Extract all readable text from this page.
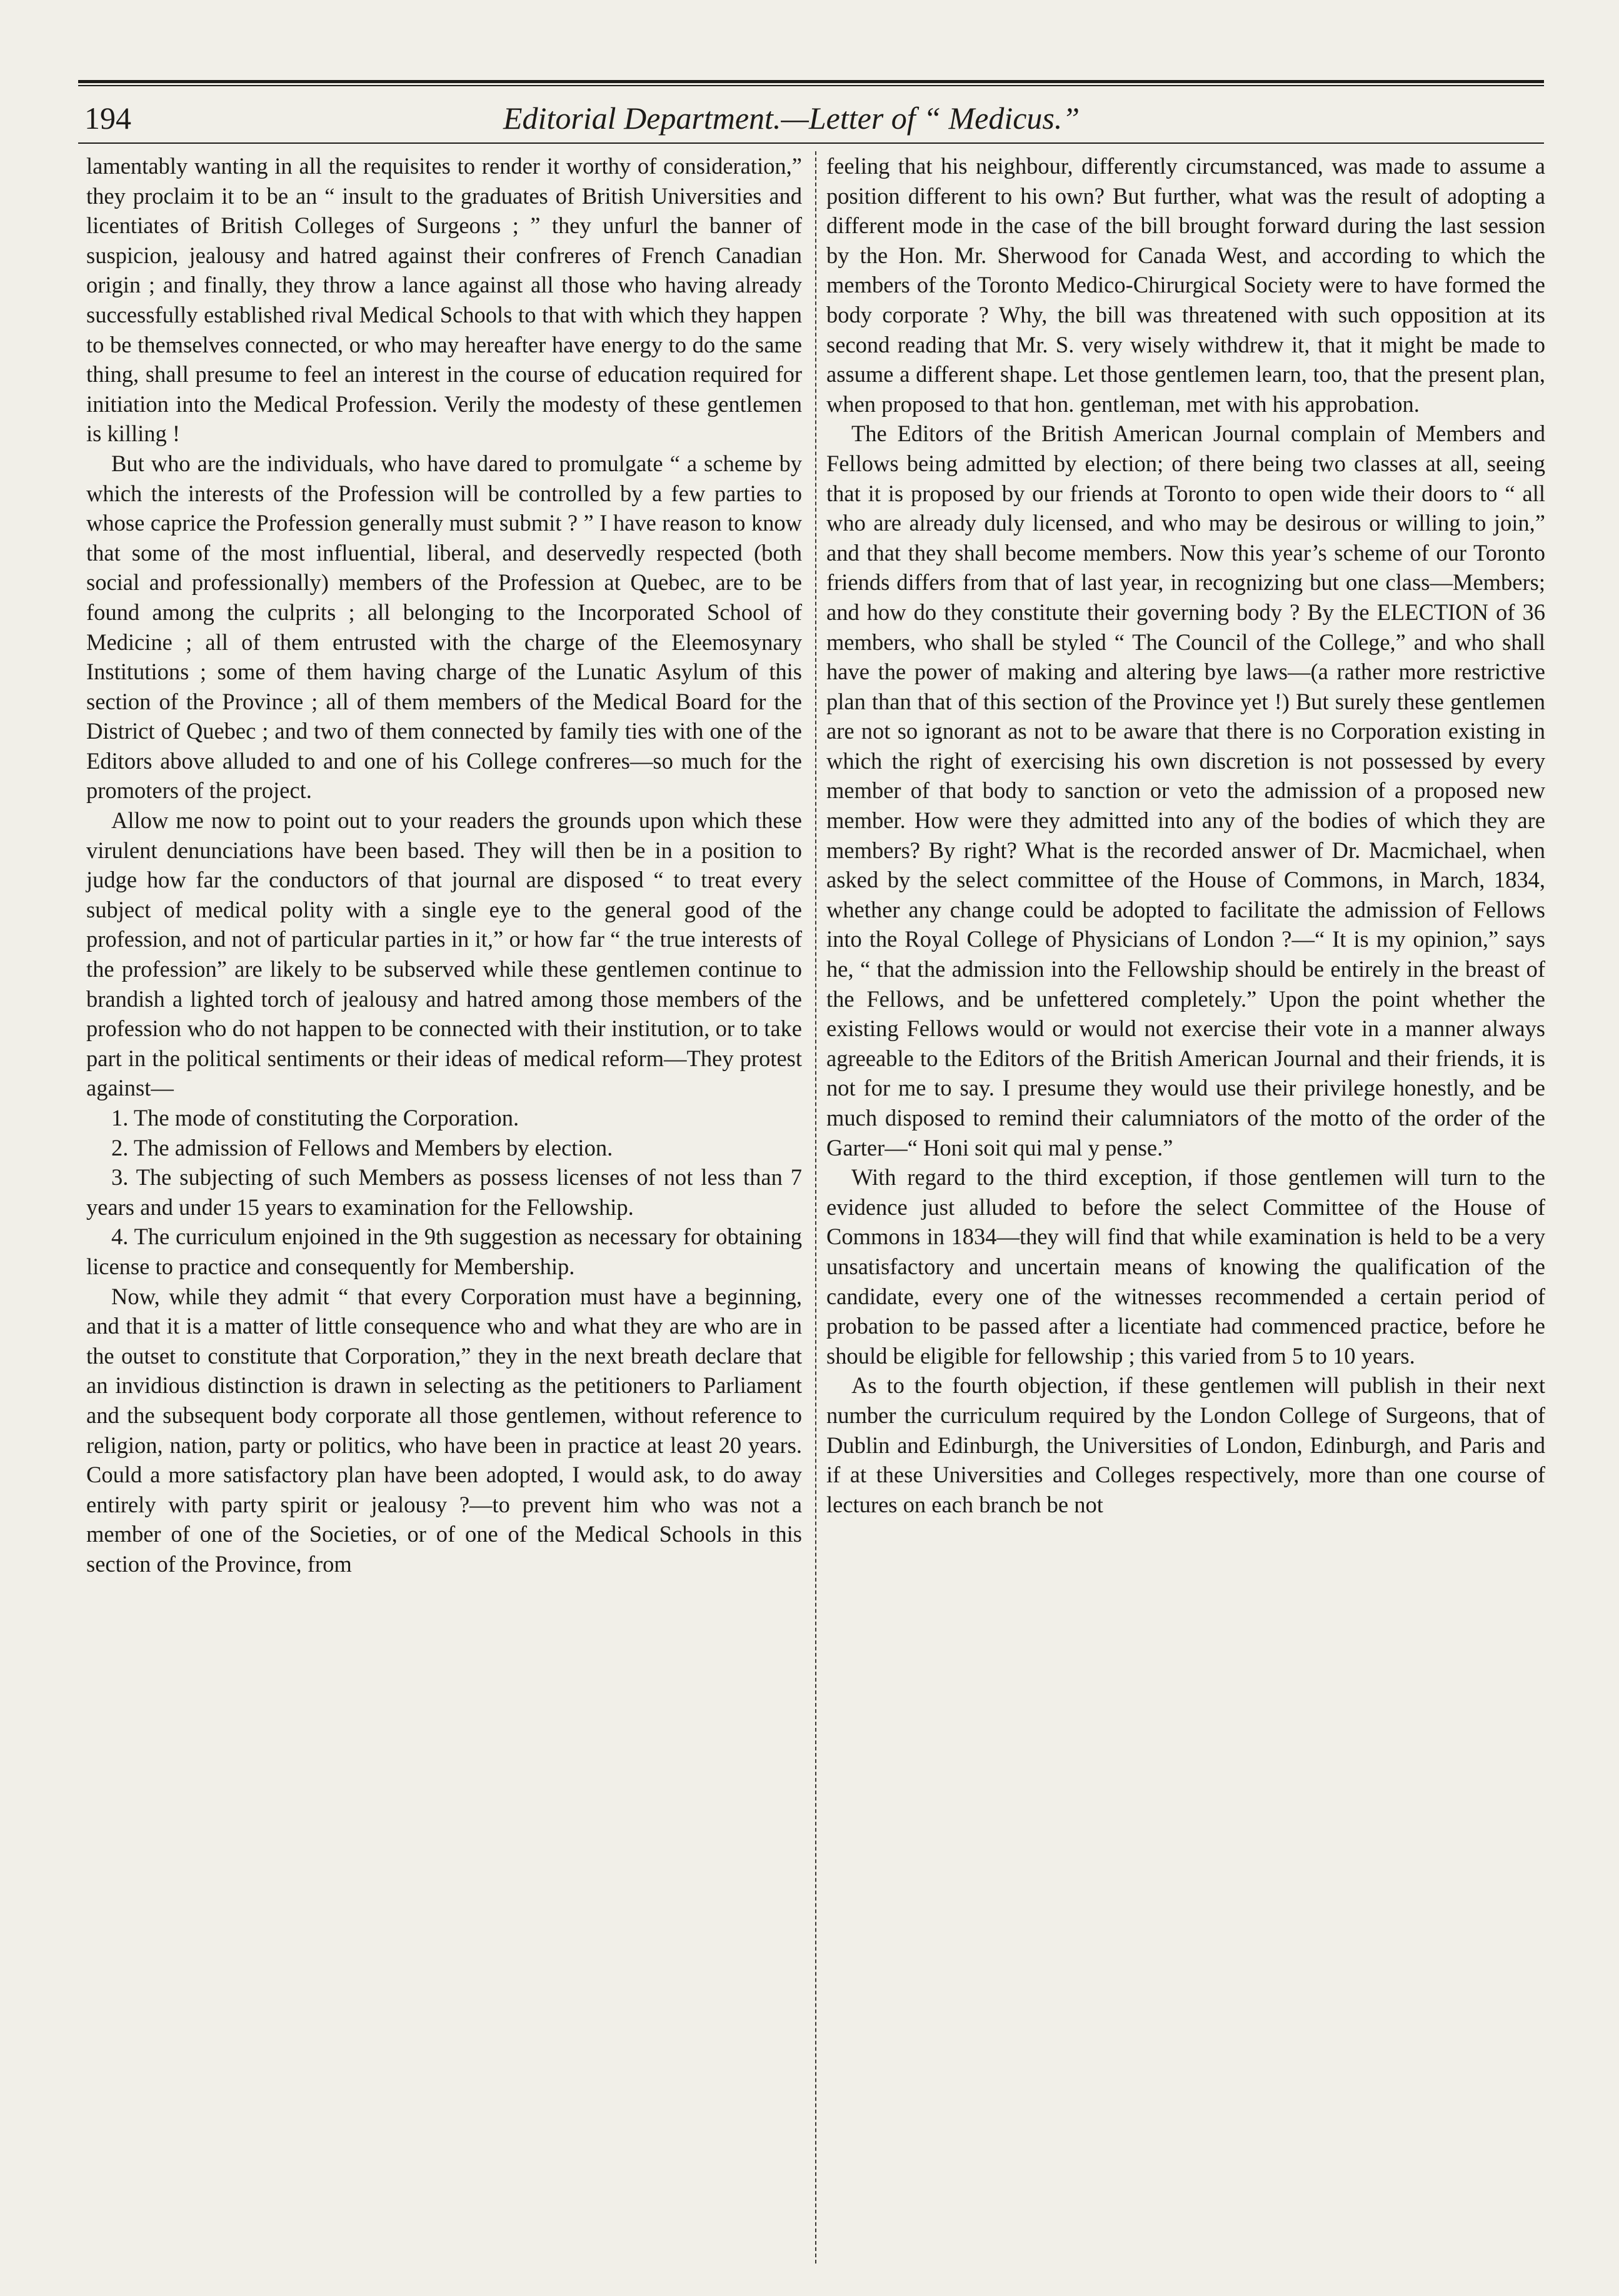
194	Editorial Department.—Letter of “ Medicus.”

lamentably wanting in all the requisites to render it worthy of consideration,” they proclaim it to be an “ insult to the graduates of British Universities and licentiates of British Colleges of Surgeons ; ” they unfurl the banner of suspicion, jealousy and hatred against their confreres of French Canadian origin ; and finally, they throw a lance against all those who having already successfully established rival Medical Schools to that with which they happen to be themselves connected, or who may hereafter have energy to do the same thing, shall presume to feel an interest in the course of education required for initiation into the Medical Profession. Verily the modesty of these gentlemen is killing !

But who are the individuals, who have dared to promulgate “ a scheme by which the interests of the Profession will be controlled by a few parties to whose caprice the Profession generally must submit ? ” I have reason to know that some of the most influential, liberal, and deservedly respected (both social and professionally) members of the Profession at Quebec, are to be found among the culprits ; all belonging to the Incorporated School of Medicine ; all of them entrusted with the charge of the Eleemosynary Institutions ; some of them having charge of the Lunatic Asylum of this section of the Province ; all of them members of the Medical Board for the District of Quebec ; and two of them connected by family ties with one of the Editors above alluded to and one of his College confreres—so much for the promoters of the project.

Allow me now to point out to your readers the grounds upon which these virulent denunciations have been based. They will then be in a position to judge how far the conductors of that journal are disposed “ to treat every subject of medical polity with a single eye to the general good of the profession, and not of particular parties in it,” or how far “ the true interests of the profession” are likely to be subserved while these gentlemen continue to brandish a lighted torch of jealousy and hatred among those members of the profession who do not happen to be connected with their institution, or to take part in the political sentiments or their ideas of medical reform—They protest against—

1. The mode of constituting the Corporation.

2. The admission of Fellows and Members by election.

3. The subjecting of such Members as possess licenses of not less than 7 years and under 15 years to examination for the Fellowship.

4. The curriculum enjoined in the 9th suggestion as necessary for obtaining license to practice and consequently for Membership.

Now, while they admit “ that every Corporation must have a beginning, and that it is a matter of little consequence who and what they are who are in the outset to constitute that Corporation,” they in the next breath declare that an invidious distinction is drawn in selecting as the petitioners to Parliament and the subsequent body corporate all those gentlemen, without reference to religion, nation, party or politics, who have been in practice at least 20 years. Could a more satisfactory plan have been adopted, I would ask, to do away entirely with party spirit or jealousy ?—to prevent him who was not a member of one of the Societies, or of one of the Medical Schools in this section of the Province, from

feeling that his neighbour, differently circumstanced, was made to assume a position different to his own? But further, what was the result of adopting a different mode in the case of the bill brought forward during the last session by the Hon. Mr. Sherwood for Canada West, and according to which the members of the Toronto Medico-Chirurgical Society were to have formed the body corporate ? Why, the bill was threatened with such opposition at its second reading that Mr. S. very wisely withdrew it, that it might be made to assume a different shape. Let those gentlemen learn, too, that the present plan, when proposed to that hon. gentleman, met with his approbation.

The Editors of the British American Journal complain of Members and Fellows being admitted by election; of there being two classes at all, seeing that it is proposed by our friends at Toronto to open wide their doors to “ all who are already duly licensed, and who may be desirous or willing to join,” and that they shall become members. Now this year’s scheme of our Toronto friends differs from that of last year, in recognizing but one class—Members; and how do they constitute their governing body ? By the ELECTION of 36 members, who shall be styled “ The Council of the College,” and who shall have the power of making and altering bye laws—(a rather more restrictive plan than that of this section of the Province yet !) But surely these gentlemen are not so ignorant as not to be aware that there is no Corporation existing in which the right of exercising his own discretion is not possessed by every member of that body to sanction or veto the admission of a proposed new member. How were they admitted into any of the bodies of which they are members? By right? What is the recorded answer of Dr. Macmichael, when asked by the select committee of the House of Commons, in March, 1834, whether any change could be adopted to facilitate the admission of Fellows into the Royal College of Physicians of London ?—“ It is my opinion,” says he, “ that the admission into the Fellowship should be entirely in the breast of the Fellows, and be unfettered completely.” Upon the point whether the existing Fellows would or would not exercise their vote in a manner always agreeable to the Editors of the British American Journal and their friends, it is not for me to say. I presume they would use their privilege honestly, and be much disposed to remind their calumniators of the motto of the order of the Garter—“ Honi soit qui mal y pense.”

With regard to the third exception, if those gentlemen will turn to the evidence just alluded to before the select Committee of the House of Commons in 1834—they will find that while examination is held to be a very unsatisfactory and uncertain means of knowing the qualification of the candidate, every one of the witnesses recommended a certain period of probation to be passed after a licentiate had commenced practice, before he should be eligible for fellowship ; this varied from 5 to 10 years.

As to the fourth objection, if these gentlemen will publish in their next number the curriculum required by the London College of Surgeons, that of Dublin and Edinburgh, the Universities of London, Edinburgh, and Paris and if at these Universities and Colleges respectively, more than one course of lectures on each branch be not
